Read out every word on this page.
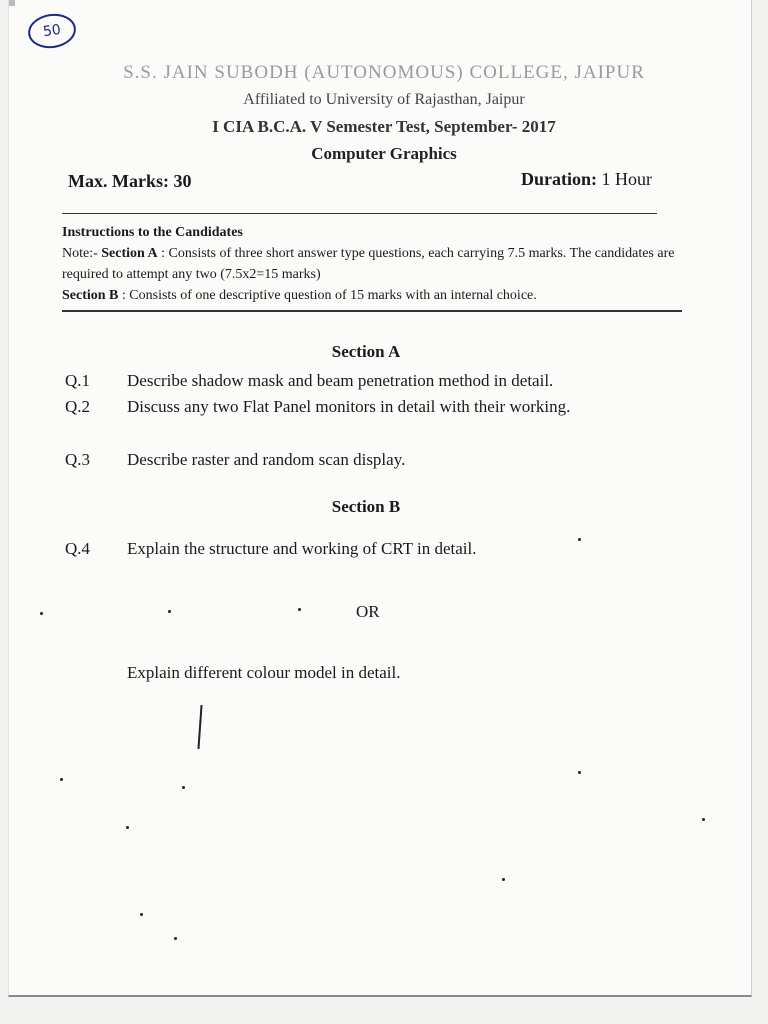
50
S.S. JAIN SUBODH (AUTONOMOUS) COLLEGE, JAIPUR
Affiliated to University of Rajasthan, Jaipur
I CIA B.C.A. V Semester Test, September- 2017
Computer Graphics
Max. Marks: 30	Duration: 1 Hour
Instructions to the Candidates
Note:- Section A : Consists of three short answer type questions, each carrying 7.5 marks. The candidates are required to attempt any two (7.5x2=15 marks)
Section B : Consists of one descriptive question of 15 marks with an internal choice.
Section A
Q.1 Describe shadow mask and beam penetration method in detail.
Q.2 Discuss any two Flat Panel monitors in detail with their working.
Q.3 Describe raster and random scan display.
Section B
Q.4 Explain the structure and working of CRT in detail.
OR
Explain different colour model in detail.
